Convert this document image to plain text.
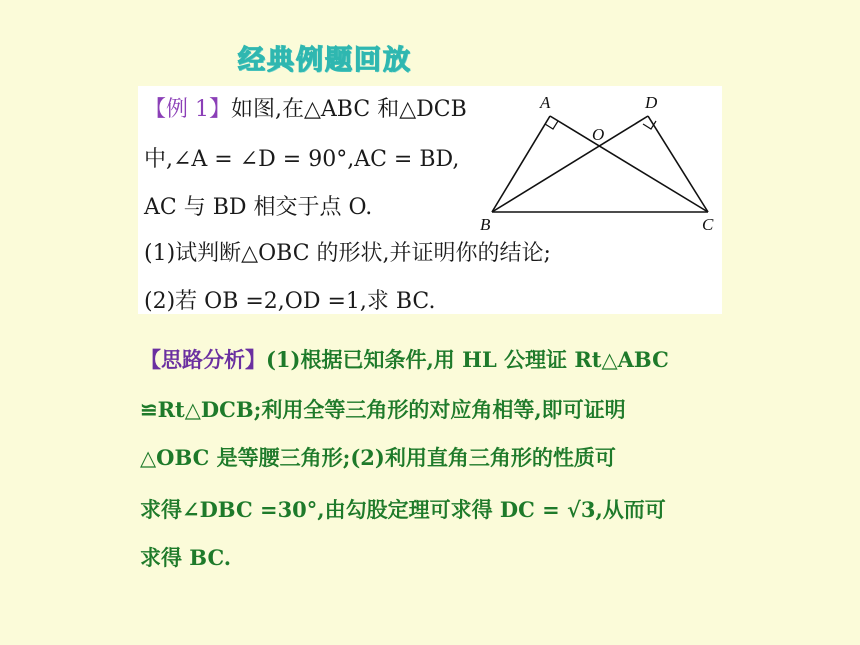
经典例题回放
【例 1】如图,在△ABC 和△DCB
中,∠A = ∠D = 90°,AC = BD,
AC 与 BD 相交于点 O.
(1)试判断△OBC 的形状,并证明你的结论;
(2)若 OB =2,OD =1,求 BC.
A	D
O
B	C
【思路分析】(1)根据已知条件,用 HL 公理证 Rt△ABC
≌Rt△DCB;利用全等三角形的对应角相等,即可证明
△OBC 是等腰三角形;(2)利用直角三角形的性质可
求得∠DBC =30°,由勾股定理可求得 DC = √3,从而可
求得 BC.
